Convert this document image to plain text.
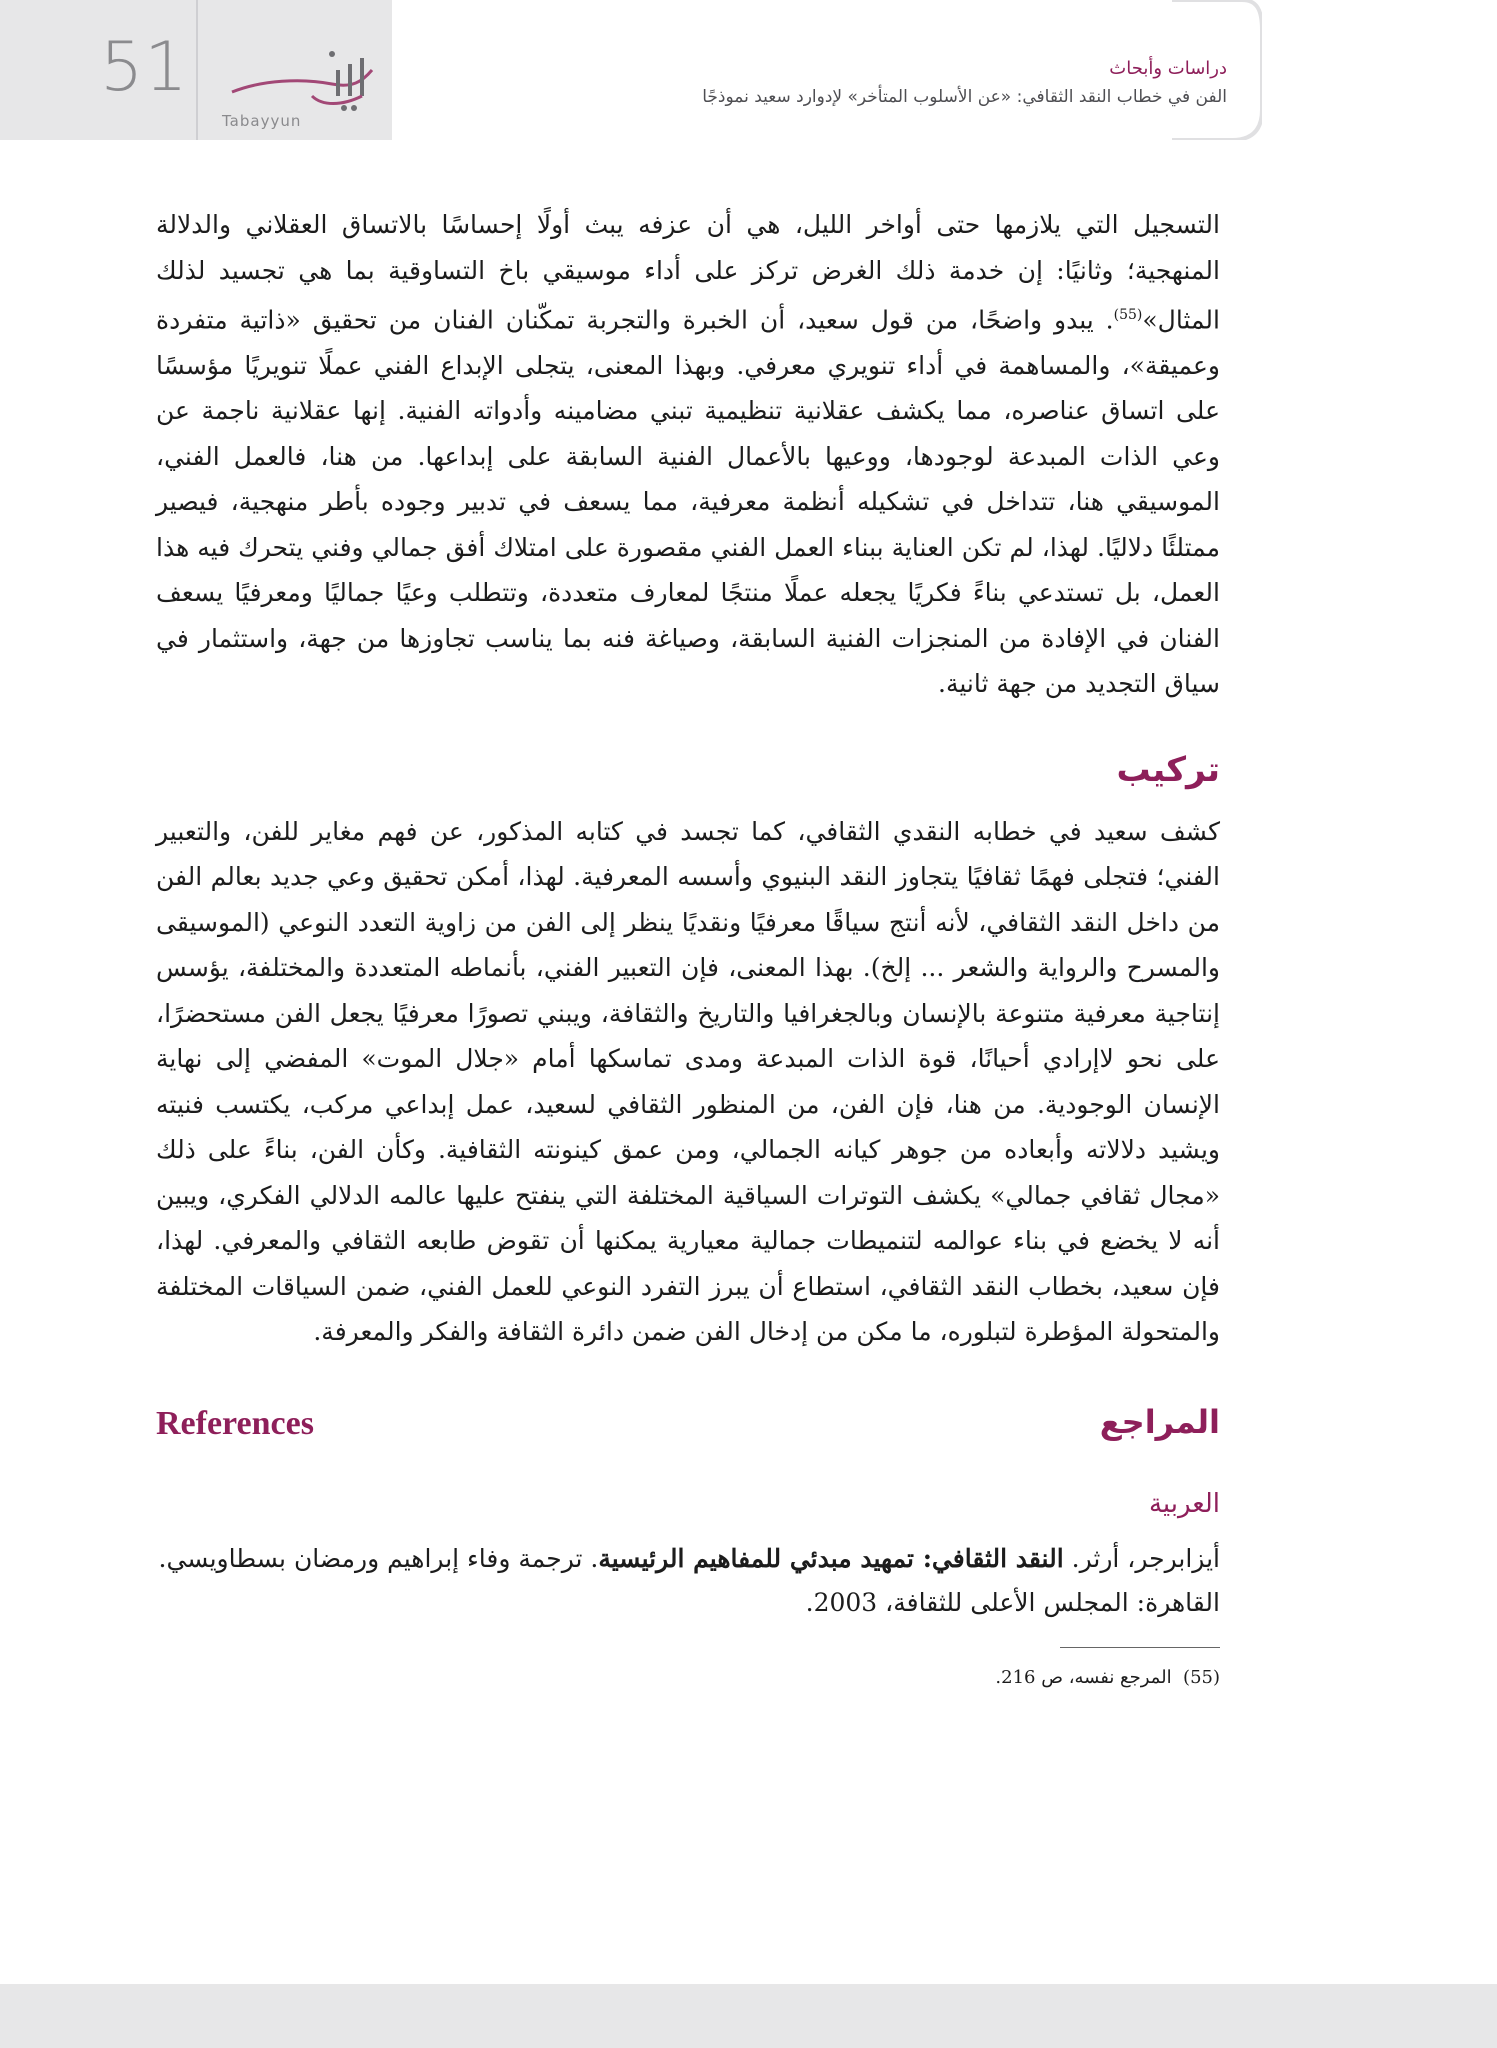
51
Tabayyun
دراسات وأبحاث
الفن في خطاب النقد الثقافي: «عن الأسلوب المتأخر» لإدوارد سعيد نموذجًا

التسجيل التي يلازمها حتى أواخر الليل، هي أن عزفه يبث أولًا إحساسًا بالاتساق العقلاني والدلالة المنهجية؛ وثانيًا: إن خدمة ذلك الغرض تركز على أداء موسيقي باخ التساوقية بما هي تجسيد لذلك المثال»$^{(55)}$. يبدو واضحًا، من قول سعيد، أن الخبرة والتجربة تمكّنان الفنان من تحقيق «ذاتية متفردة وعميقة»، والمساهمة في أداء تنويري معرفي. وبهذا المعنى، يتجلى الإبداع الفني عملًا تنويريًا مؤسسًا على اتساق عناصره، مما يكشف عقلانية تنظيمية تبني مضامينه وأدواته الفنية. إنها عقلانية ناجمة عن وعي الذات المبدعة لوجودها، ووعيها بالأعمال الفنية السابقة على إبداعها. من هنا، فالعمل الفني، الموسيقي هنا، تتداخل في تشكيله أنظمة معرفية، مما يسعف في تدبير وجوده بأطر منهجية، فيصير ممتلئًا دلاليًا. لهذا، لم تكن العناية ببناء العمل الفني مقصورة على امتلاك أفق جمالي وفني يتحرك فيه هذا العمل، بل تستدعي بناءً فكريًا يجعله عملًا منتجًا لمعارف متعددة، وتتطلب وعيًا جماليًا ومعرفيًا يسعف الفنان في الإفادة من المنجزات الفنية السابقة، وصياغة فنه بما يناسب تجاوزها من جهة، واستثمار في سياق التجديد من جهة ثانية.

تركيب

كشف سعيد في خطابه النقدي الثقافي، كما تجسد في كتابه المذكور، عن فهم مغاير للفن، والتعبير الفني؛ فتجلى فهمًا ثقافيًا يتجاوز النقد البنيوي وأسسه المعرفية. لهذا، أمكن تحقيق وعي جديد بعالم الفن من داخل النقد الثقافي، لأنه أنتج سياقًا معرفيًا ونقديًا ينظر إلى الفن من زاوية التعدد النوعي (الموسيقى والمسرح والرواية والشعر ... إلخ). بهذا المعنى، فإن التعبير الفني، بأنماطه المتعددة والمختلفة، يؤسس إنتاجية معرفية متنوعة بالإنسان وبالجغرافيا والتاريخ والثقافة، ويبني تصورًا معرفيًا يجعل الفن مستحضرًا، على نحو لاإرادي أحيانًا، قوة الذات المبدعة ومدى تماسكها أمام «جلال الموت» المفضي إلى نهاية الإنسان الوجودية. من هنا، فإن الفن، من المنظور الثقافي لسعيد، عمل إبداعي مركب، يكتسب فنيته ويشيد دلالاته وأبعاده من جوهر كيانه الجمالي، ومن عمق كينونته الثقافية. وكأن الفن، بناءً على ذلك «مجال ثقافي جمالي» يكشف التوترات السياقية المختلفة التي ينفتح عليها عالمه الدلالي الفكري، ويبين أنه لا يخضع في بناء عوالمه لتنميطات جمالية معيارية يمكنها أن تقوض طابعه الثقافي والمعرفي. لهذا، فإن سعيد، بخطاب النقد الثقافي، استطاع أن يبرز التفرد النوعي للعمل الفني، ضمن السياقات المختلفة والمتحولة المؤطرة لتبلوره، ما مكن من إدخال الفن ضمن دائرة الثقافة والفكر والمعرفة.

المراجع
References
العربية

أيزابرجر، أرثر. النقد الثقافي: تمهيد مبدئي للمفاهيم الرئيسية. ترجمة وفاء إبراهيم ورمضان بسطاويسي. القاهرة: المجلس الأعلى للثقافة، 2003.

(55)  المرجع نفسه، ص 216.
